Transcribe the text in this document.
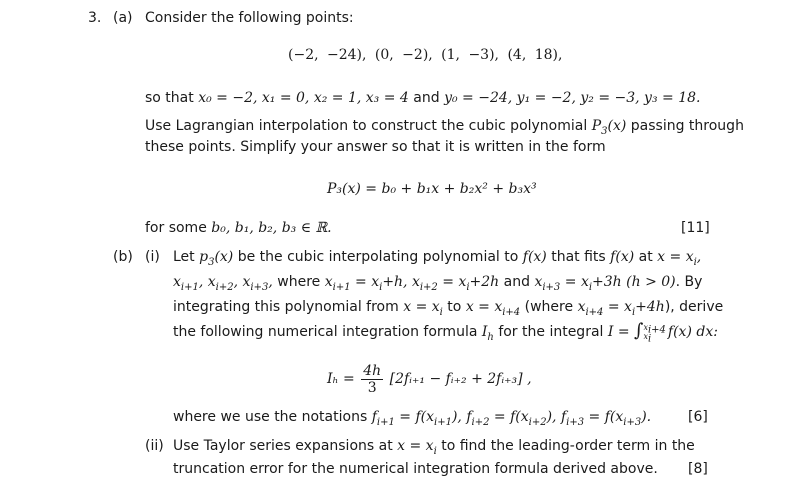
3. (a) Consider the following points:
(−2, −24), (0, −2), (1, −3), (4, 18),
so that x₀ = −2, x₁ = 0, x₂ = 1, x₃ = 4 and y₀ = −24, y₁ = −2, y₂ = −3, y₃ = 18.
Use Lagrangian interpolation to construct the cubic polynomial $P_3(x)$ passing through
these points. Simplify your answer so that it is written in the form
P₃(x) = b₀ + b₁x + b₂x² + b₃x³
for some b₀, b₁, b₂, b₃ ∈ ℝ.	[11]
(b) (i) Let $p_3(x)$ be the cubic interpolating polynomial to f(x) that fits f(x) at $x = x_i$,
$x_{i+1}$, $x_{i+2}$, $x_{i+3}$, where $x_{i+1} = x_i+h$, $x_{i+2} = x_i+2h$ and $x_{i+3} = x_i+3h$ (h > 0). By
integrating this polynomial from $x = x_i$ to $x = x_{i+4}$ (where $x_{i+4} = x_i+4h$), derive
the following numerical integration formula $I_h$ for the integral I = ∫ $x_{i+4}$
$x_i$	f(x) dx:
$I_h = \frac{4h}{3}$ [2fᵢ₊₁ − fᵢ₊₂ + 2fᵢ₊₃] ,
where we use the notations $f_{i+1} = f(x_{i+1})$, $f_{i+2} = f(x_{i+2})$, $f_{i+3} = f(x_{i+3})$.	[6]
(ii) Use Taylor series expansions at $x = x_i$ to find the leading-order term in the
truncation error for the numerical integration formula derived above. [8]
